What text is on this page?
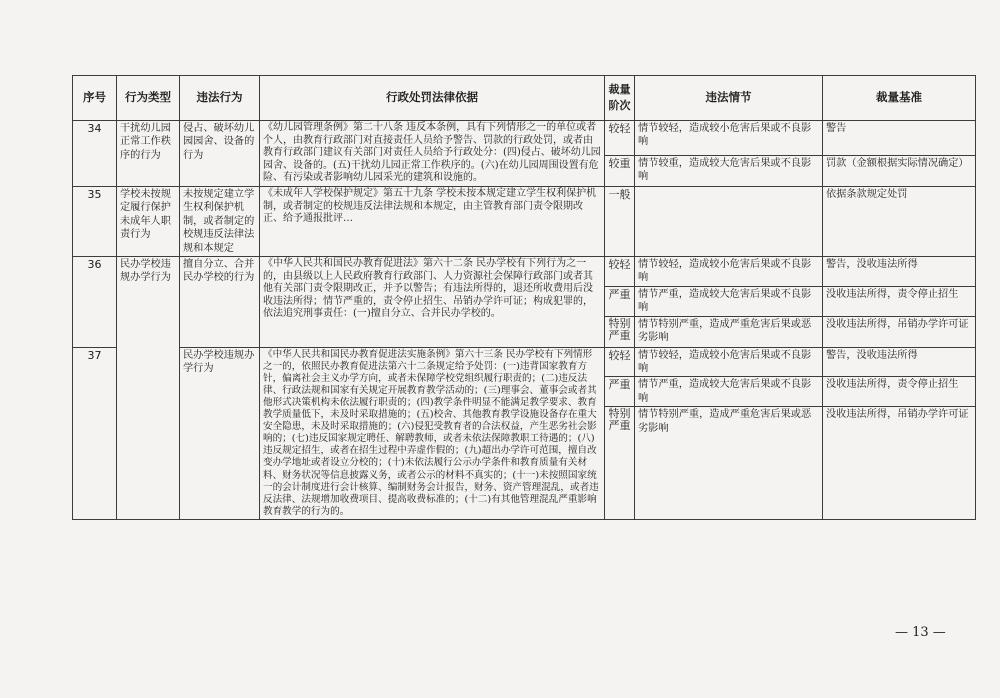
序号	行为类型	违法行为	行政处罚法律依据	裁量阶次	违法情节	裁量基准
34	干扰幼儿园正常工作秩序的行为	侵占、破坏幼儿园园舍、设备的行为	《幼儿园管理条例》第二十八条 违反本条例，具有下列情形之一的单位或者个人，由教育行政部门对直接责任人员给予警告、罚款的行政处罚，或者由教育行政部门建议有关部门对责任人员给予行政处分：(四)侵占、破坏幼儿园园舍、设备的。(五)干扰幼儿园正常工作秩序的。(六)在幼儿园周围设置有危险、有污染或者影响幼儿园采光的建筑和设施的。	较轻	情节较轻，造成较小危害后果或不良影响	警告
				较重	情节较重，造成较大危害后果或不良影响	罚款（金额根据实际情况确定）
35	学校未按规定履行保护未成年人职责行为	未按规定建立学生权利保护机制，或者制定的校规违反法律法规和本规定	《未成年人学校保护规定》第五十九条 学校未按本规定建立学生权利保护机制，或者制定的校规违反法律法规和本规定，由主管教育部门责令限期改正、给予通报批评…	一般		依据条款规定处罚
36	民办学校违规办学行为	擅自分立、合并民办学校的行为	《中华人民共和国民办教育促进法》第六十二条 民办学校有下列行为之一的，由县级以上人民政府教育行政部门、人力资源社会保障行政部门或者其他有关部门责令限期改正，并予以警告；有违法所得的，退还所收费用后没收违法所得；情节严重的，责令停止招生、吊销办学许可证；构成犯罪的，依法追究刑事责任：(一)擅自分立、合并民办学校的。	较轻	情节较轻，造成较小危害后果或不良影响	警告，没收违法所得
				严重	情节严重，造成较大危害后果或不良影响	没收违法所得，责令停止招生
				特别严重	情节特别严重，造成严重危害后果或恶劣影响	没收违法所得，吊销办学许可证
37		民办学校违规办学行为	《中华人民共和国民办教育促进法实施条例》第六十三条 民办学校有下列情形之一的，依照民办教育促进法第六十二条规定给予处罚：(一)违背国家教育方针，偏离社会主义办学方向，或者未保障学校党组织履行职责的；(二)违反法律、行政法规和国家有关规定开展教育教学活动的；(三)理事会、董事会或者其他形式决策机构未依法履行职责的；(四)教学条件明显不能满足教学要求、教育教学质量低下，未及时采取措施的；(五)校舍、其他教育教学设施设备存在重大安全隐患，未及时采取措施的；(六)侵犯受教育者的合法权益，产生恶劣社会影响的；(七)违反国家规定聘任、解聘教师，或者未依法保障教职工待遇的；(八)违反规定招生，或者在招生过程中弄虚作假的；(九)超出办学许可范围，擅自改变办学地址或者设立分校的；(十)未依法履行公示办学条件和教育质量有关材料、财务状况等信息披露义务，或者公示的材料不真实的；(十一)未按照国家统一的会计制度进行会计核算、编制财务会计报告，财务、资产管理混乱，或者违反法律、法规增加收费项目、提高收费标准的；(十二)有其他管理混乱严重影响教育教学的行为的。	较轻	情节较轻，造成较小危害后果或不良影响	警告，没收违法所得
				严重	情节严重，造成较大危害后果或不良影响	没收违法所得，责令停止招生
				特别严重	情节特别严重，造成严重危害后果或恶劣影响	没收违法所得，吊销办学许可证
— 13 —
